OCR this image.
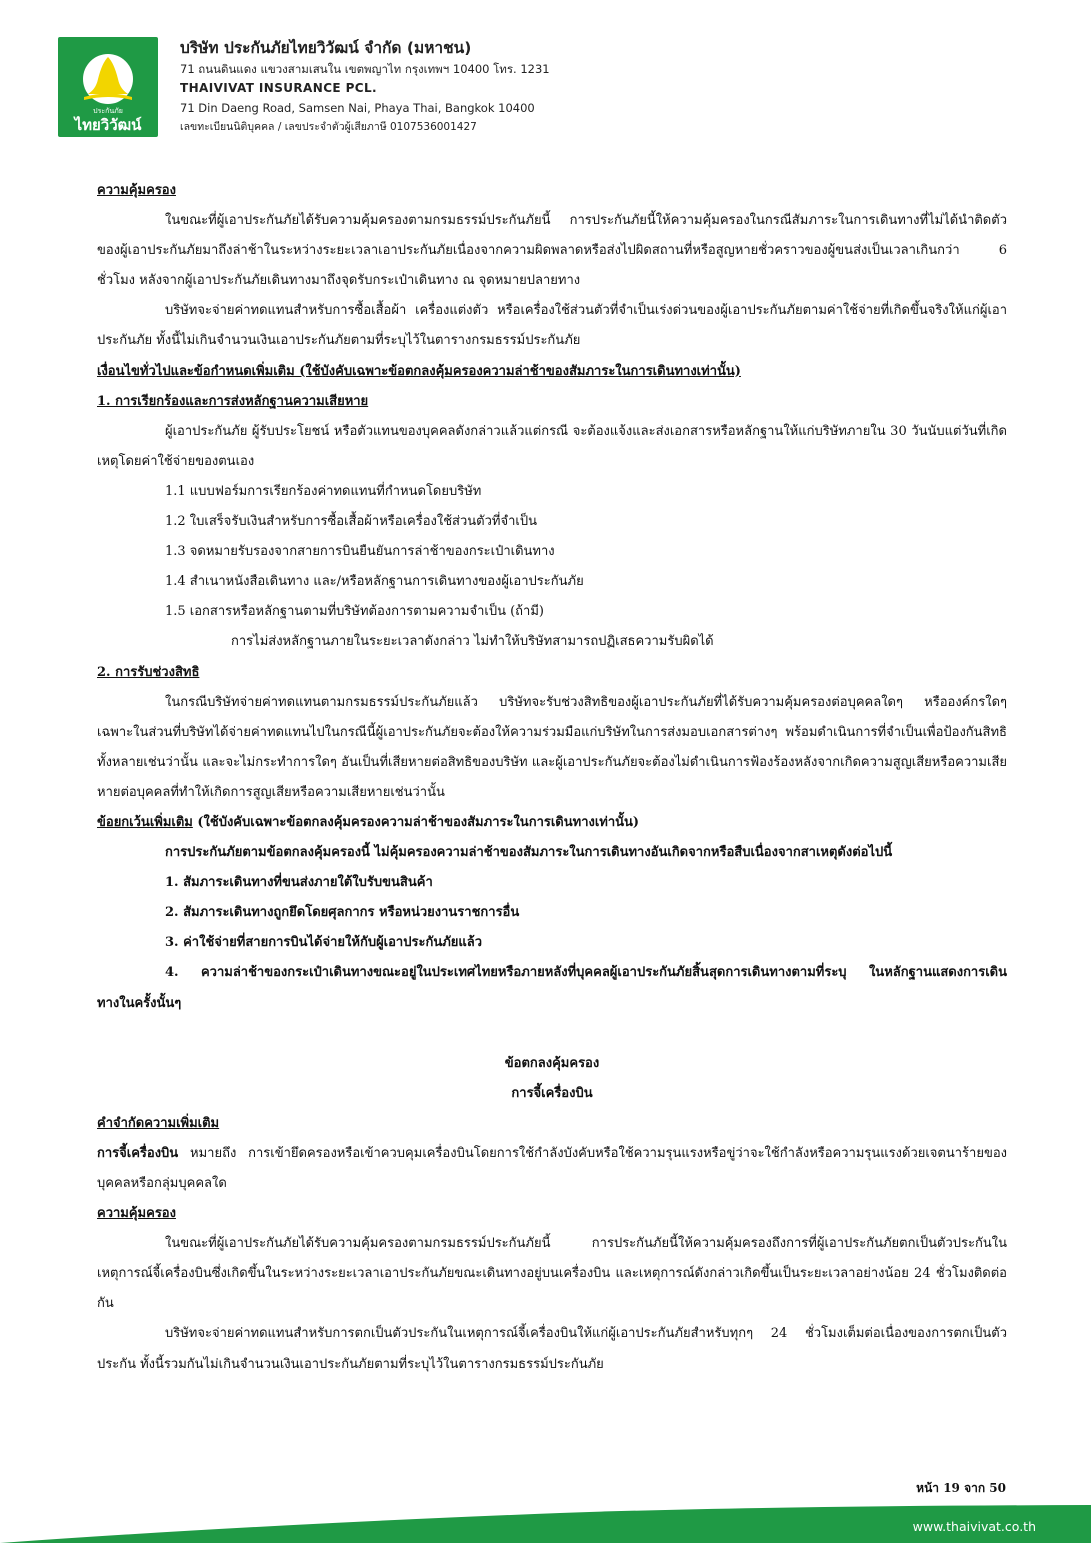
ประกันภัย
ไทยวิวัฒน์
บริษัท ประกันภัยไทยวิวัฒน์ จำกัด (มหาชน)
71 ถนนดินแดง แขวงสามเสนใน เขตพญาไท กรุงเทพฯ 10400 โทร. 1231
THAIVIVAT INSURANCE PCL.
71 Din Daeng Road, Samsen Nai, Phaya Thai, Bangkok 10400
เลขทะเบียนนิติบุคคล / เลขประจำตัวผู้เสียภาษี 0107536001427

ความคุ้มครอง

ในขณะที่ผู้เอาประกันภัยได้รับความคุ้มครองตามกรมธรรม์ประกันภัยนี้ การประกันภัยนี้ให้ความคุ้มครองในกรณีสัมภาระในการเดินทางที่ไม่ได้นำติดตัวของผู้เอาประกันภัยมาถึงล่าช้าในระหว่างระยะเวลาเอาประกันภัยเนื่องจากความผิดพลาดหรือส่งไปผิดสถานที่หรือสูญหายชั่วคราวของผู้ขนส่งเป็นเวลาเกินกว่า 6 ชั่วโมง หลังจากผู้เอาประกันภัยเดินทางมาถึงจุดรับกระเป๋าเดินทาง ณ จุดหมายปลายทาง

บริษัทจะจ่ายค่าทดแทนสำหรับการซื้อเสื้อผ้า เครื่องแต่งตัว หรือเครื่องใช้ส่วนตัวที่จำเป็นเร่งด่วนของผู้เอาประกันภัยตามค่าใช้จ่ายที่เกิดขึ้นจริงให้แก่ผู้เอาประกันภัย ทั้งนี้ไม่เกินจำนวนเงินเอาประกันภัยตามที่ระบุไว้ในตารางกรมธรรม์ประกันภัย

เงื่อนไขทั่วไปและข้อกำหนดเพิ่มเติม (ใช้บังคับเฉพาะข้อตกลงคุ้มครองความล่าช้าของสัมภาระในการเดินทางเท่านั้น)

1. การเรียกร้องและการส่งหลักฐานความเสียหาย

ผู้เอาประกันภัย ผู้รับประโยชน์ หรือตัวแทนของบุคคลดังกล่าวแล้วแต่กรณี จะต้องแจ้งและส่งเอกสารหรือหลักฐานให้แก่บริษัทภายใน 30 วันนับแต่วันที่เกิดเหตุโดยค่าใช้จ่ายของตนเอง

1.1 แบบฟอร์มการเรียกร้องค่าทดแทนที่กำหนดโดยบริษัท

1.2 ใบเสร็จรับเงินสำหรับการซื้อเสื้อผ้าหรือเครื่องใช้ส่วนตัวที่จำเป็น

1.3 จดหมายรับรองจากสายการบินยืนยันการล่าช้าของกระเป๋าเดินทาง

1.4 สำเนาหนังสือเดินทาง และ/หรือหลักฐานการเดินทางของผู้เอาประกันภัย

1.5 เอกสารหรือหลักฐานตามที่บริษัทต้องการตามความจำเป็น (ถ้ามี)

การไม่ส่งหลักฐานภายในระยะเวลาดังกล่าว ไม่ทำให้บริษัทสามารถปฏิเสธความรับผิดได้

2. การรับช่วงสิทธิ

ในกรณีบริษัทจ่ายค่าทดแทนตามกรมธรรม์ประกันภัยแล้ว บริษัทจะรับช่วงสิทธิของผู้เอาประกันภัยที่ได้รับความคุ้มครองต่อบุคคลใดๆ หรือองค์กรใดๆ เฉพาะในส่วนที่บริษัทได้จ่ายค่าทดแทนไปในกรณีนี้ผู้เอาประกันภัยจะต้องให้ความร่วมมือแก่บริษัทในการส่งมอบเอกสารต่างๆ พร้อมดำเนินการที่จำเป็นเพื่อป้องกันสิทธิทั้งหลายเช่นว่านั้น และจะไม่กระทำการใดๆ อันเป็นที่เสียหายต่อสิทธิของบริษัท และผู้เอาประกันภัยจะต้องไม่ดำเนินการฟ้องร้องหลังจากเกิดความสูญเสียหรือความเสียหายต่อบุคคลที่ทำให้เกิดการสูญเสียหรือความเสียหายเช่นว่านั้น

ข้อยกเว้นเพิ่มเติม (ใช้บังคับเฉพาะข้อตกลงคุ้มครองความล่าช้าของสัมภาระในการเดินทางเท่านั้น)

การประกันภัยตามข้อตกลงคุ้มครองนี้ ไม่คุ้มครองความล่าช้าของสัมภาระในการเดินทางอันเกิดจากหรือสืบเนื่องจากสาเหตุดังต่อไปนี้

1. สัมภาระเดินทางที่ขนส่งภายใต้ใบรับขนสินค้า

2. สัมภาระเดินทางถูกยึดโดยศุลกากร หรือหน่วยงานราชการอื่น

3. ค่าใช้จ่ายที่สายการบินได้จ่ายให้กับผู้เอาประกันภัยแล้ว

4. ความล่าช้าของกระเป๋าเดินทางขณะอยู่ในประเทศไทยหรือภายหลังที่บุคคลผู้เอาประกันภัยสิ้นสุดการเดินทางตามที่ระบุ ในหลักฐานแสดงการเดินทางในครั้งนั้นๆ

ข้อตกลงคุ้มครอง

การจี้เครื่องบิน

คำจำกัดความเพิ่มเติม

การจี้เครื่องบิน หมายถึง การเข้ายึดครองหรือเข้าควบคุมเครื่องบินโดยการใช้กำลังบังคับหรือใช้ความรุนแรงหรือขู่ว่าจะใช้กำลังหรือความรุนแรงด้วยเจตนาร้ายของบุคคลหรือกลุ่มบุคคลใด

ความคุ้มครอง

ในขณะที่ผู้เอาประกันภัยได้รับความคุ้มครองตามกรมธรรม์ประกันภัยนี้ การประกันภัยนี้ให้ความคุ้มครองถึงการที่ผู้เอาประกันภัยตกเป็นตัวประกันในเหตุการณ์จี้เครื่องบินซึ่งเกิดขึ้นในระหว่างระยะเวลาเอาประกันภัยขณะเดินทางอยู่บนเครื่องบิน และเหตุการณ์ดังกล่าวเกิดขึ้นเป็นระยะเวลาอย่างน้อย 24 ชั่วโมงติดต่อกัน

บริษัทจะจ่ายค่าทดแทนสำหรับการตกเป็นตัวประกันในเหตุการณ์จี้เครื่องบินให้แก่ผู้เอาประกันภัยสำหรับทุกๆ 24 ชั่วโมงเต็มต่อเนื่องของการตกเป็นตัวประกัน ทั้งนี้รวมกันไม่เกินจำนวนเงินเอาประกันภัยตามที่ระบุไว้ในตารางกรมธรรม์ประกันภัย

หน้า 19 จาก 50
www.thaivivat.co.th
